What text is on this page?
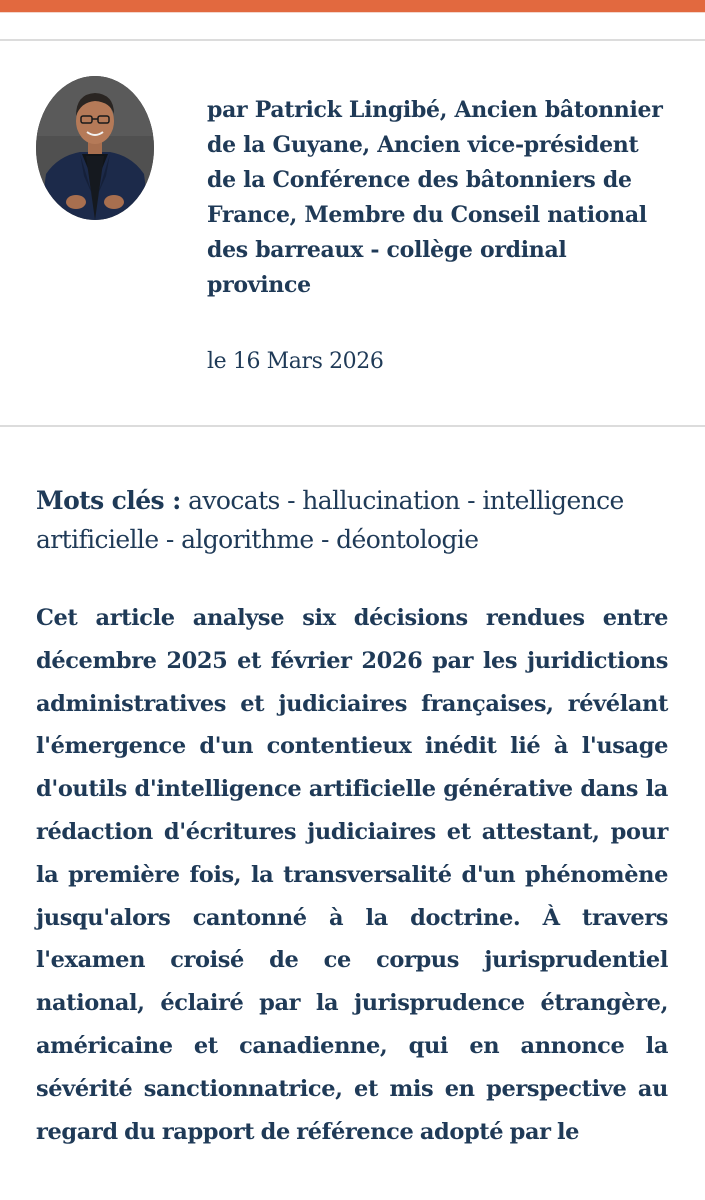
par Patrick Lingibé, Ancien bâtonnier de la Guyane, Ancien vice-président de la Conférence des bâtonniers de France, Membre du Conseil national des barreaux - collège ordinal province

le 16 Mars 2026

Mots clés : avocats - hallucination - intelligence artificielle - algorithme - déontologie

Cet article analyse six décisions rendues entre décembre 2025 et février 2026 par les juridictions administratives et judiciaires françaises, révélant l'émergence d'un contentieux inédit lié à l'usage d'outils d'intelligence artificielle générative dans la rédaction d'écritures judiciaires et attestant, pour la première fois, la transversalité d'un phénomène jusqu'alors cantonné à la doctrine. À travers l'examen croisé de ce corpus jurisprudentiel national, éclairé par la jurisprudence étrangère, américaine et canadienne, qui en annonce la sévérité sanctionnatrice, et mis en perspective au regard du rapport de référence adopté par le
